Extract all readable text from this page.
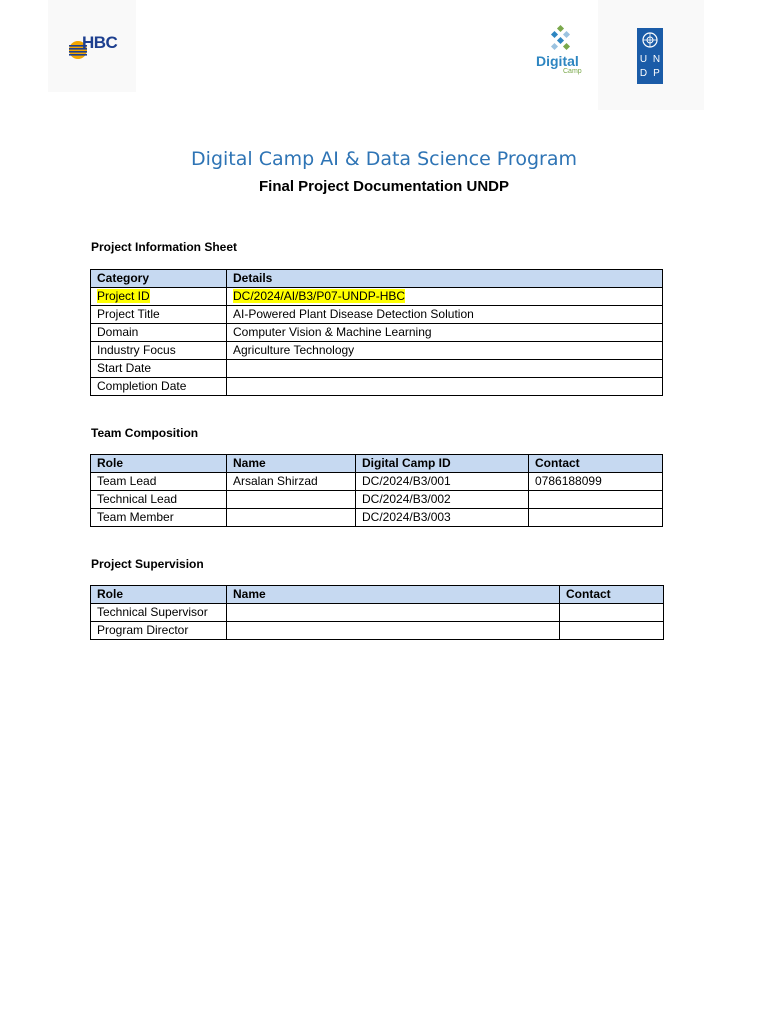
HBC
Digital
Camp
U N
D P
Digital Camp AI & Data Science Program
Final Project Documentation UNDP
Project Information Sheet
Category	Details
Project ID	DC/2024/AI/B3/P07-UNDP-HBC
Project Title	AI-Powered Plant Disease Detection Solution
Domain	Computer Vision & Machine Learning
Industry Focus	Agriculture Technology
Start Date	
Completion Date	
Team Composition
Role	Name	Digital Camp ID	Contact
Team Lead	Arsalan Shirzad	DC/2024/B3/001	0786188099
Technical Lead		DC/2024/B3/002	
Team Member		DC/2024/B3/003	
Project Supervision
Role	Name	Contact
Technical Supervisor		
Program Director		
